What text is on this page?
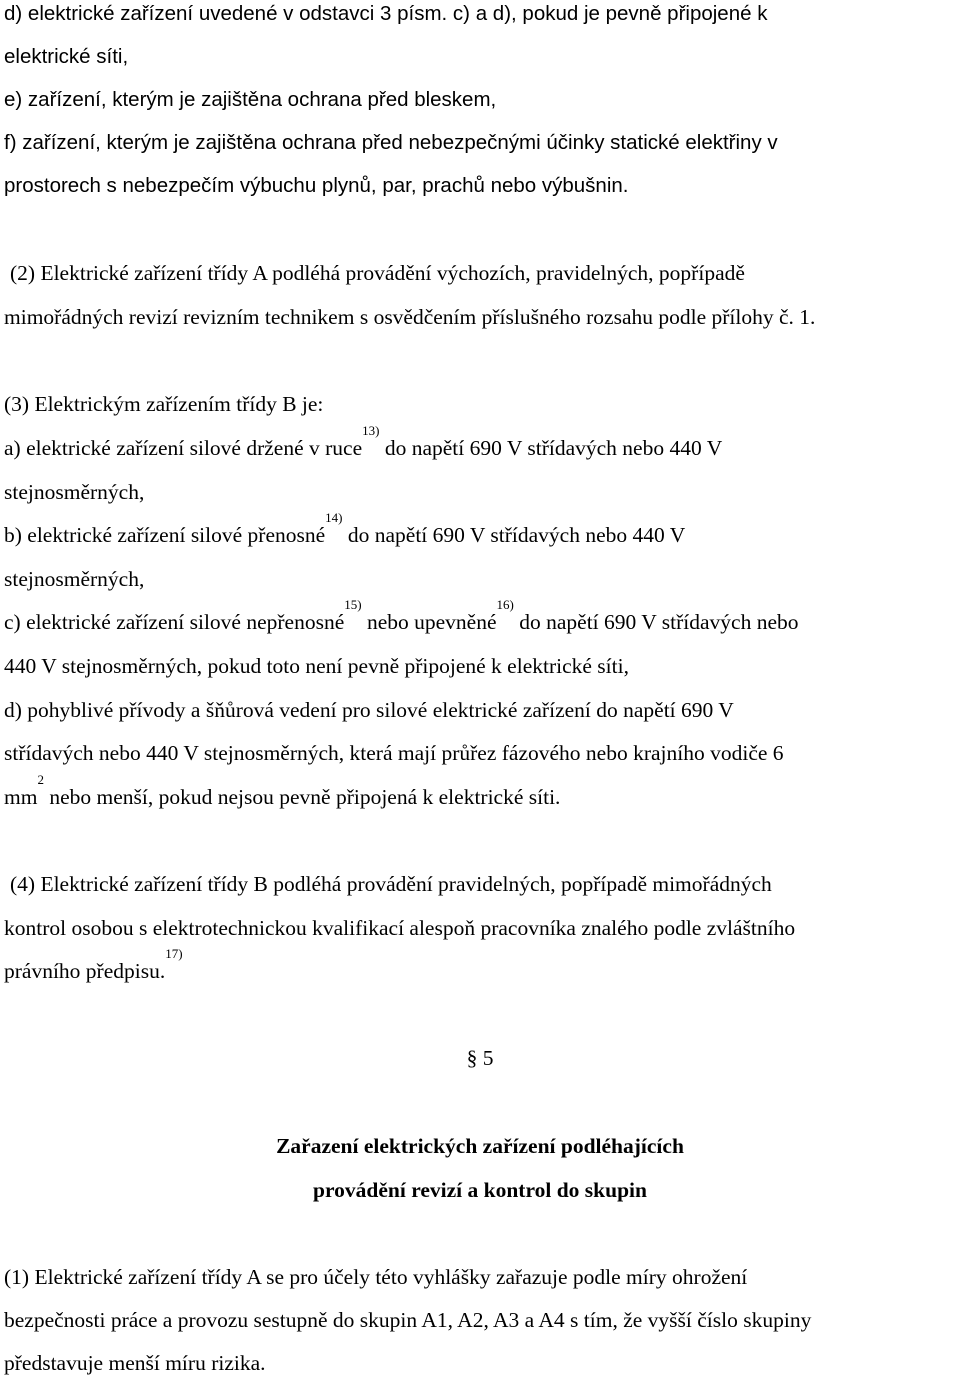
d) elektrické zařízení uvedené v odstavci 3 písm. c) a d), pokud je pevně připojené k
elektrické síti,
e) zařízení, kterým je zajištěna ochrana před bleskem,
f) zařízení, kterým je zajištěna ochrana před nebezpečnými účinky statické elektřiny v
prostorech s nebezpečím výbuchu plynů, par, prachů nebo výbušnin.
(2) Elektrické zařízení třídy A podléhá provádění výchozích, pravidelných, popřípadě
mimořádných revizí revizním technikem s osvědčením příslušného rozsahu podle přílohy č. 1.
(3) Elektrickým zařízením třídy B je:
a) elektrické zařízení silové držené v ruce$^{13)}$ do napětí 690 V střídavých nebo 440 V
stejnosměrných,
b) elektrické zařízení silové přenosné$^{14)}$ do napětí 690 V střídavých nebo 440 V
stejnosměrných,
c) elektrické zařízení silové nepřenosné$^{15)}$ nebo upevněné$^{16)}$ do napětí 690 V střídavých nebo
440 V stejnosměrných, pokud toto není pevně připojené k elektrické síti,
d) pohyblivé přívody a šňůrová vedení pro silové elektrické zařízení do napětí 690 V
střídavých nebo 440 V stejnosměrných, která mají průřez fázového nebo krajního vodiče 6
$mm^2$ nebo menší, pokud nejsou pevně připojená k elektrické síti.
(4) Elektrické zařízení třídy B podléhá provádění pravidelných, popřípadě mimořádných
kontrol osobou s elektrotechnickou kvalifikací alespoň pracovníka znalého podle zvláštního
právního předpisu.$^{17)}$
§ 5
Zařazení elektrických zařízení podléhajících
provádění revizí a kontrol do skupin
(1) Elektrické zařízení třídy A se pro účely této vyhlášky zařazuje podle míry ohrožení
bezpečnosti práce a provozu sestupně do skupin A1, A2, A3 a A4 s tím, že vyšší číslo skupiny
představuje menší míru rizika.
